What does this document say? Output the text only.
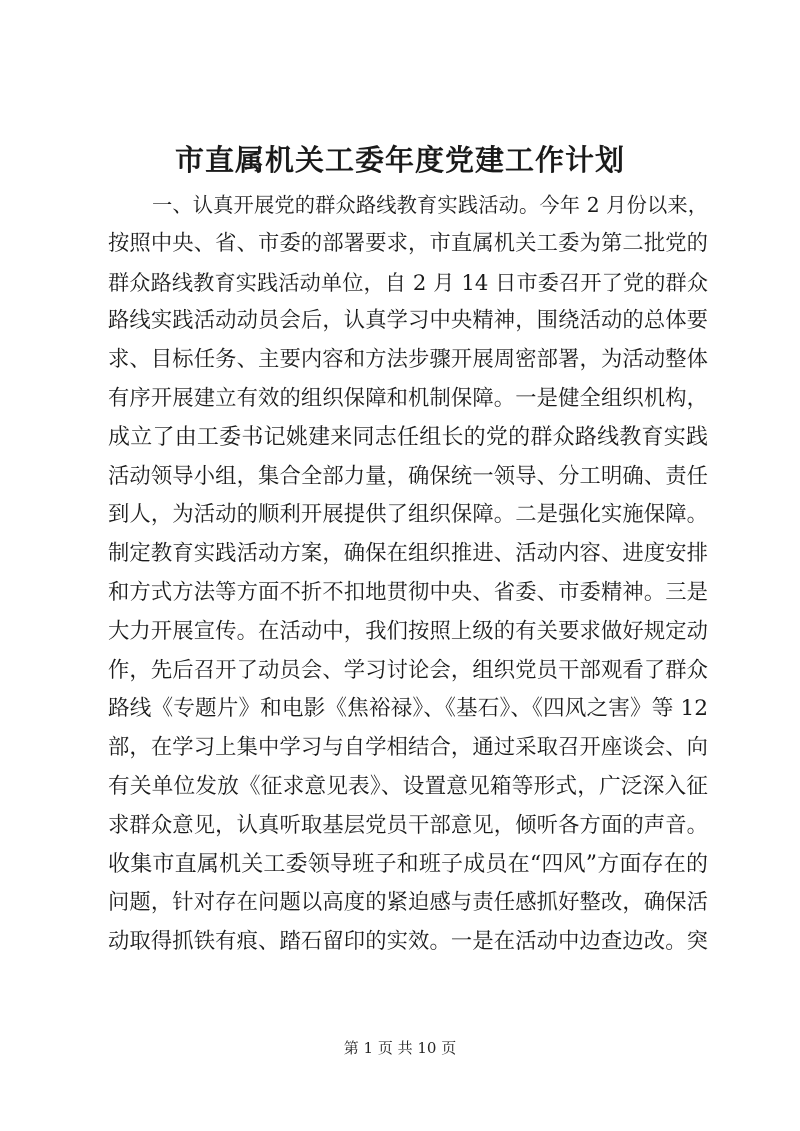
市直属机关工委年度党建工作计划
一、认真开展党的群众路线教育实践活动。今年 2 月份以来，
按照中央、省、市委的部署要求，市直属机关工委为第二批党的
群众路线教育实践活动单位，自 2 月 14 日市委召开了党的群众
路线实践活动动员会后，认真学习中央精神，围绕活动的总体要
求、目标任务、主要内容和方法步骤开展周密部署，为活动整体
有序开展建立有效的组织保障和机制保障。一是健全组织机构，
成立了由工委书记姚建来同志任组长的党的群众路线教育实践
活动领导小组，集合全部力量，确保统一领导、分工明确、责任
到人，为活动的顺利开展提供了组织保障。二是强化实施保障。
制定教育实践活动方案，确保在组织推进、活动内容、进度安排
和方式方法等方面不折不扣地贯彻中央、省委、市委精神。三是
大力开展宣传。在活动中，我们按照上级的有关要求做好规定动
作，先后召开了动员会、学习讨论会，组织党员干部观看了群众
路线《专题片》和电影《焦裕禄》、《基石》、《四风之害》等 12
部，在学习上集中学习与自学相结合，通过采取召开座谈会、向
有关单位发放《征求意见表》、设置意见箱等形式，广泛深入征
求群众意见，认真听取基层党员干部意见，倾听各方面的声音。
收集市直属机关工委领导班子和班子成员在“四风”方面存在的
问题，针对存在问题以高度的紧迫感与责任感抓好整改，确保活
动取得抓铁有痕、踏石留印的实效。一是在活动中边查边改。突
第 1 页 共 10 页
